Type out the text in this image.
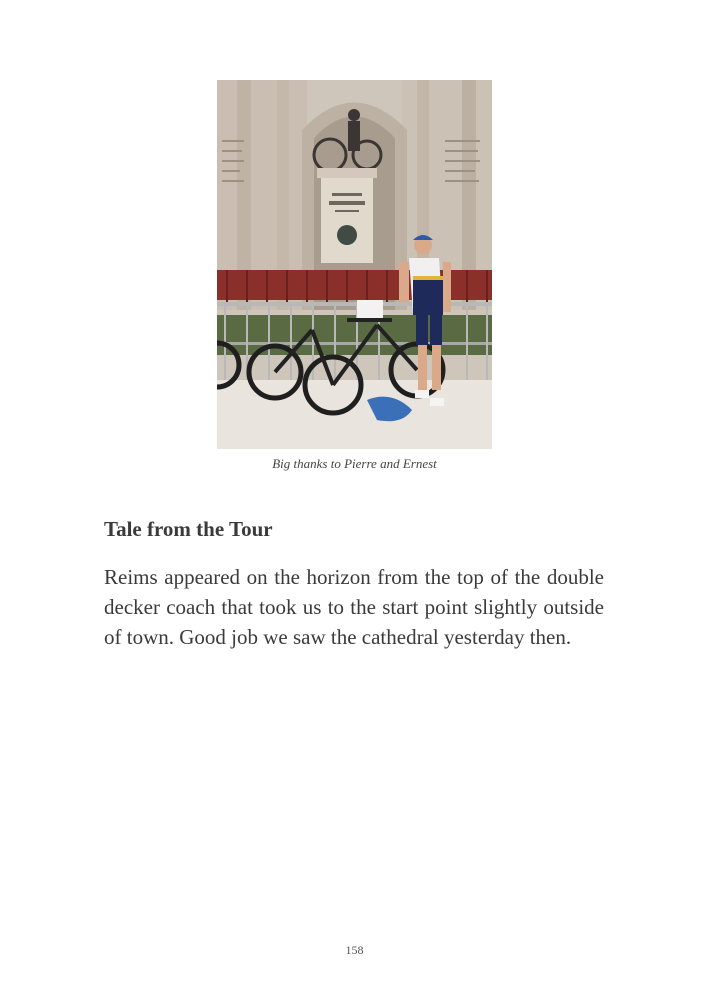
Big thanks to Pierre and Ernest
Tale from the Tour

Reims appeared on the horizon from the top of the double decker coach that took us to the start point slightly outside of town. Good job we saw the cathedral yesterday then.

158
